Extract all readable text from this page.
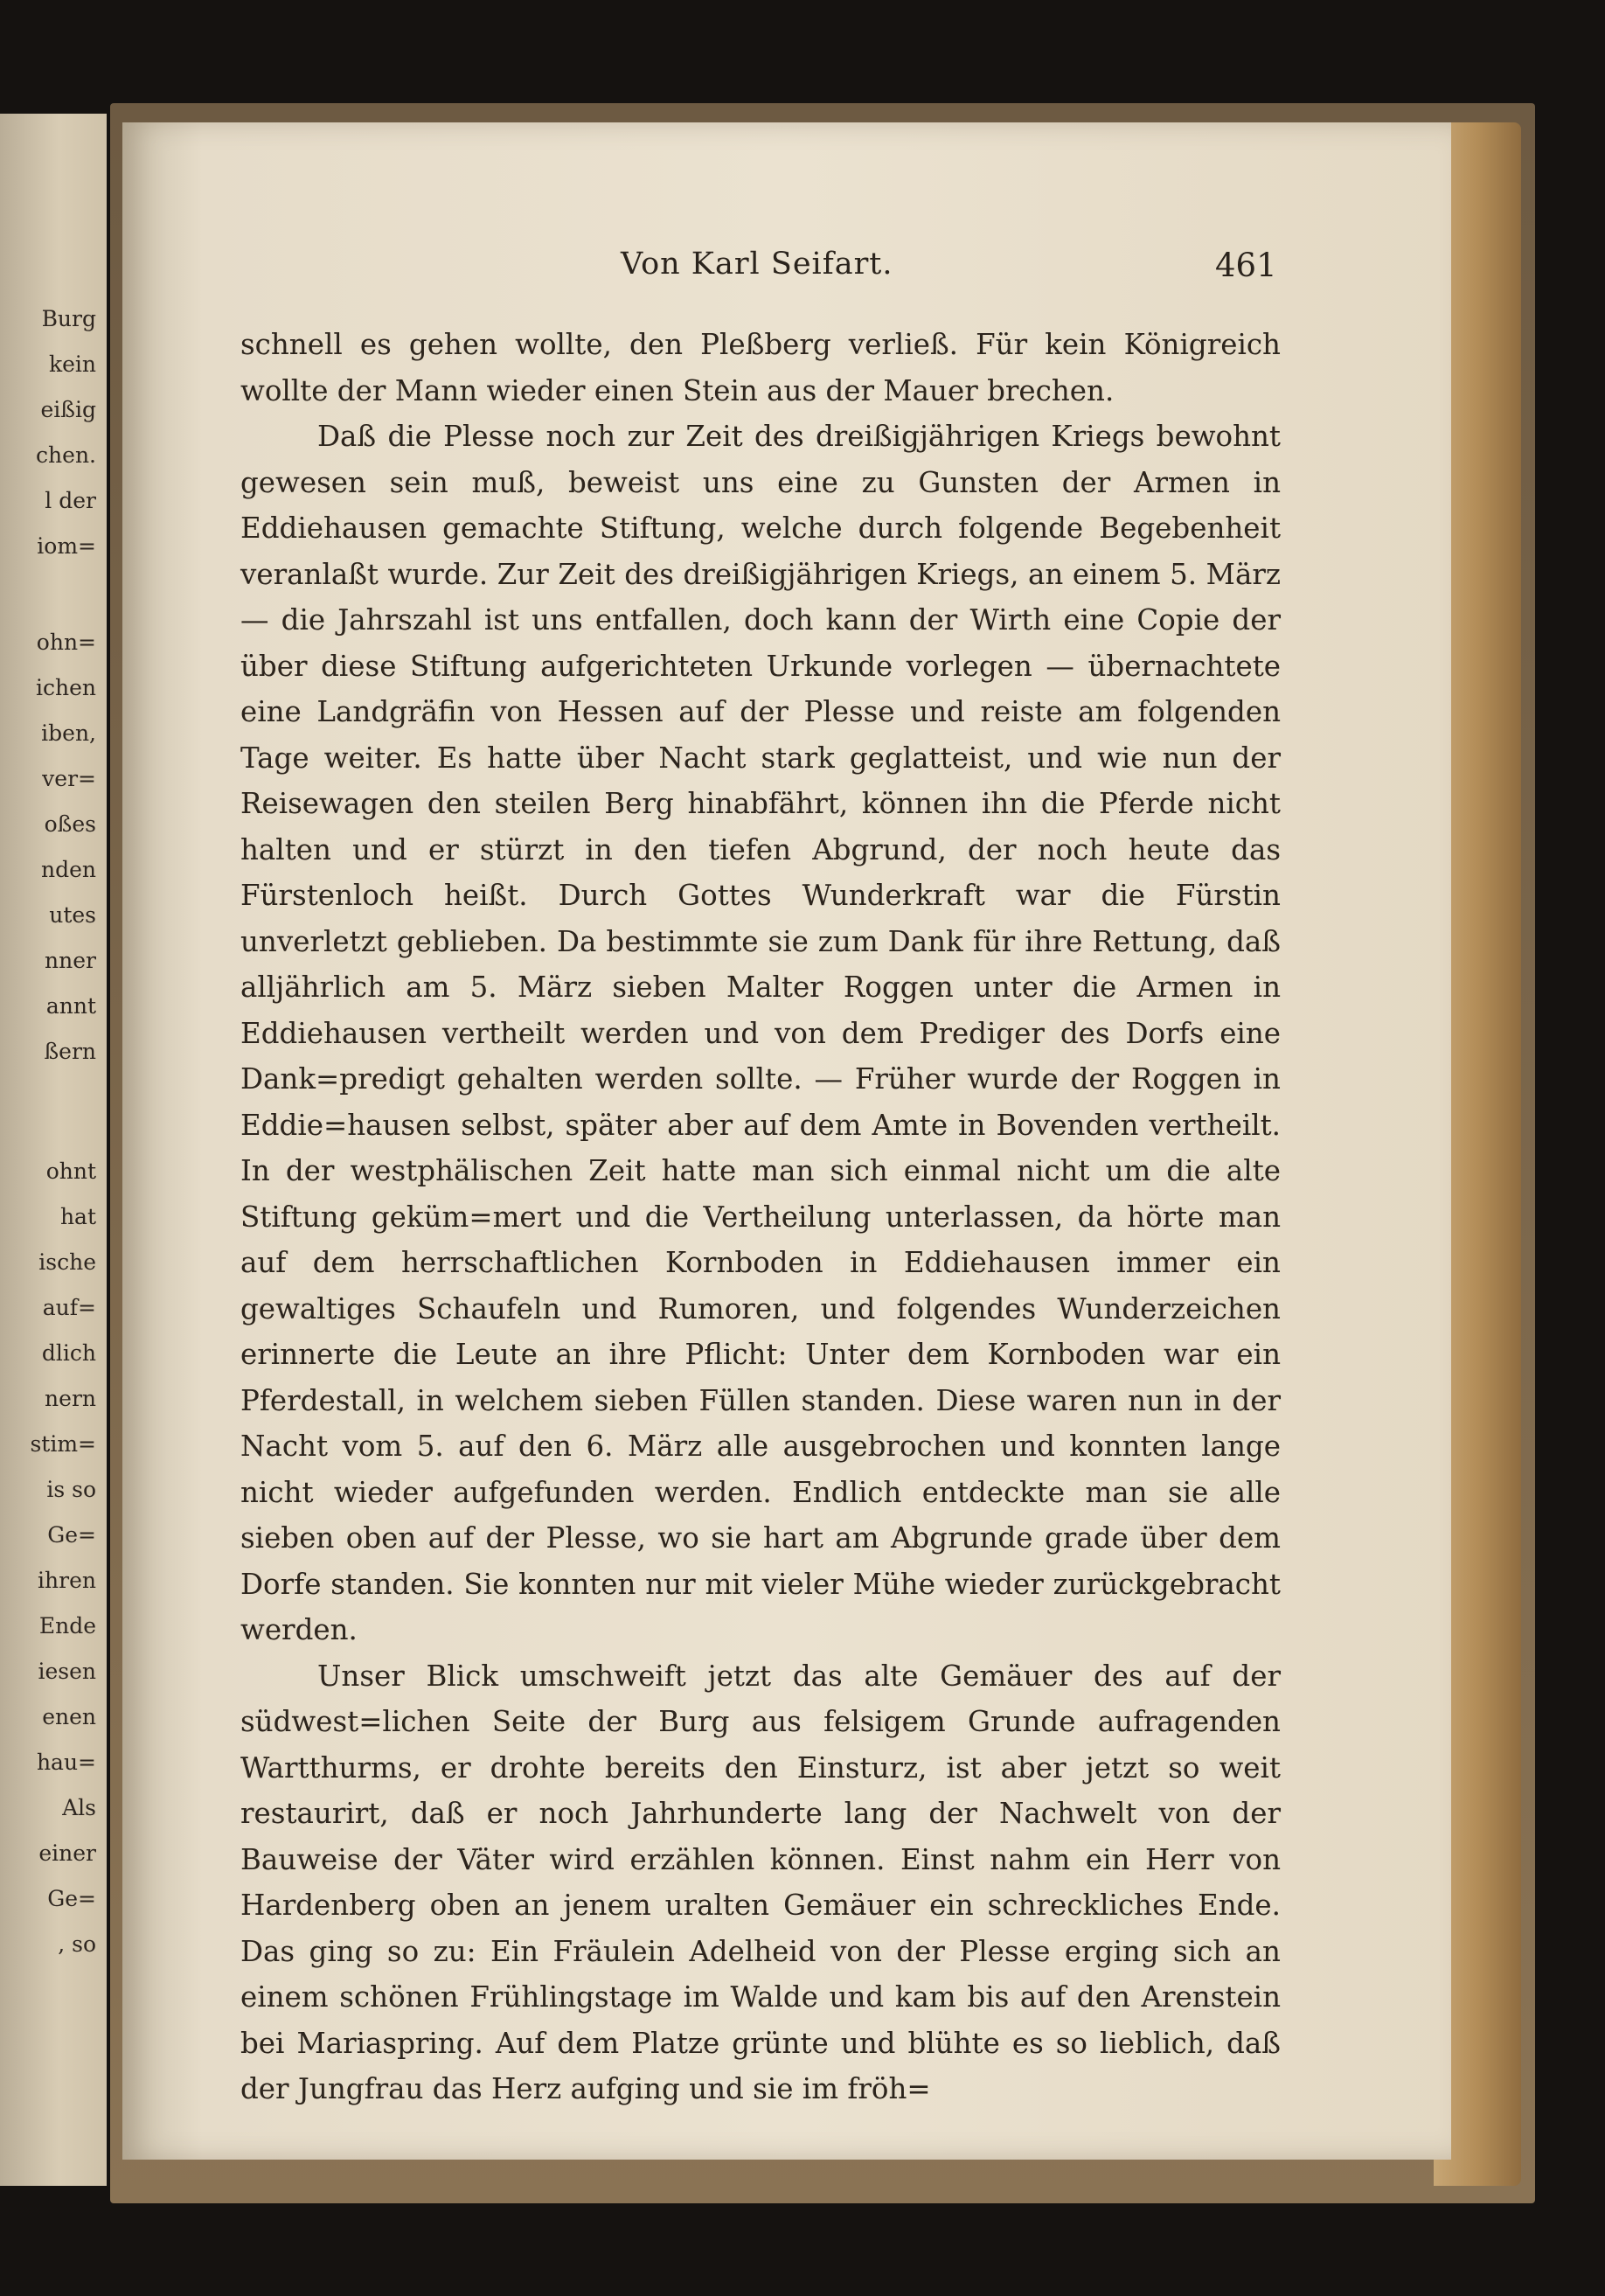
Burg
kein
eißig
chen.
l der
iom=
ohn=
ichen
iben,
ver=
oßes
nden
utes
nner
annt
ßern
ohnt
hat
ische
auf=
dlich
nern
stim=
is so
Ge=
ihren
Ende
iesen
enen
hau=
Als
einer
Ge=
, so
Von Karl Seifart.	461

schnell es gehen wollte, den Pleßberg verließ. Für kein Königreich wollte der Mann wieder einen Stein aus der Mauer brechen.

Daß die Plesse noch zur Zeit des dreißigjährigen Kriegs bewohnt gewesen sein muß, beweist uns eine zu Gunsten der Armen in Eddiehausen gemachte Stiftung, welche durch folgende Begebenheit veranlaßt wurde. Zur Zeit des dreißigjährigen Kriegs, an einem 5. März — die Jahrszahl ist uns entfallen, doch kann der Wirth eine Copie der über diese Stiftung aufgerichteten Urkunde vorlegen — übernachtete eine Landgräfin von Hessen auf der Plesse und reiste am folgenden Tage weiter. Es hatte über Nacht stark geglatteist, und wie nun der Reisewagen den steilen Berg hinabfährt, können ihn die Pferde nicht halten und er stürzt in den tiefen Abgrund, der noch heute das Fürstenloch heißt. Durch Gottes Wunderkraft war die Fürstin unverletzt geblieben. Da bestimmte sie zum Dank für ihre Rettung, daß alljährlich am 5. März sieben Malter Roggen unter die Armen in Eddiehausen vertheilt werden und von dem Prediger des Dorfs eine Dank=predigt gehalten werden sollte. — Früher wurde der Roggen in Eddie=hausen selbst, später aber auf dem Amte in Bovenden vertheilt. In der westphälischen Zeit hatte man sich einmal nicht um die alte Stiftung geküm=mert und die Vertheilung unterlassen, da hörte man auf dem herrschaftlichen Kornboden in Eddiehausen immer ein gewaltiges Schaufeln und Rumoren, und folgendes Wunderzeichen erinnerte die Leute an ihre Pflicht: Unter dem Kornboden war ein Pferdestall, in welchem sieben Füllen standen. Diese waren nun in der Nacht vom 5. auf den 6. März alle ausgebrochen und konnten lange nicht wieder aufgefunden werden. Endlich entdeckte man sie alle sieben oben auf der Plesse, wo sie hart am Abgrunde grade über dem Dorfe standen. Sie konnten nur mit vieler Mühe wieder zurückgebracht werden.

Unser Blick umschweift jetzt das alte Gemäuer des auf der südwest=lichen Seite der Burg aus felsigem Grunde aufragenden Wartthurms, er drohte bereits den Einsturz, ist aber jetzt so weit restaurirt, daß er noch Jahrhunderte lang der Nachwelt von der Bauweise der Väter wird erzählen können. Einst nahm ein Herr von Hardenberg oben an jenem uralten Gemäuer ein schreckliches Ende. Das ging so zu: Ein Fräulein Adelheid von der Plesse erging sich an einem schönen Frühlingstage im Walde und kam bis auf den Arenstein bei Mariaspring. Auf dem Platze grünte und blühte es so lieblich, daß der Jungfrau das Herz aufging und sie im fröh=
